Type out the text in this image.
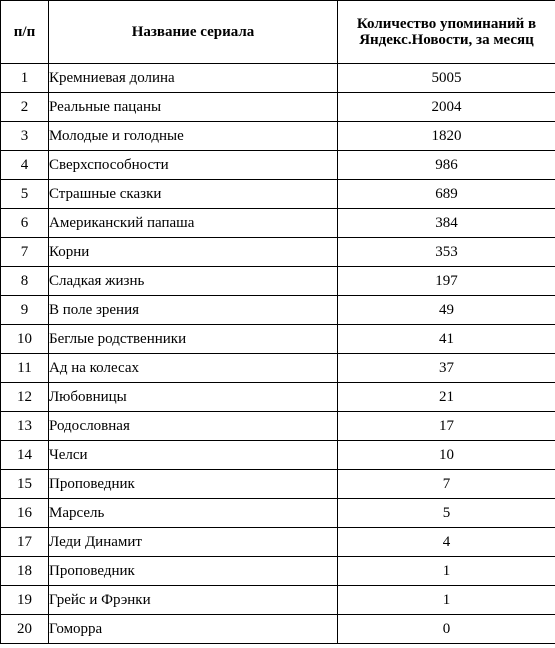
п/п	Название сериала	Количество упоминаний в Яндекс.Новости, за месяц
1	Кремниевая долина	5005
2	Реальные пацаны	2004
3	Молодые и голодные	1820
4	Сверхспособности	986
5	Страшные сказки	689
6	Американский папаша	384
7	Корни	353
8	Сладкая жизнь	197
9	В поле зрения	49
10	Беглые родственники	41
11	Ад на колесах	37
12	Любовницы	21
13	Родословная	17
14	Челси	10
15	Проповедник	7
16	Марсель	5
17	Леди Динамит	4
18	Проповедник	1
19	Грейс и Фрэнки	1
20	Гоморра	0
